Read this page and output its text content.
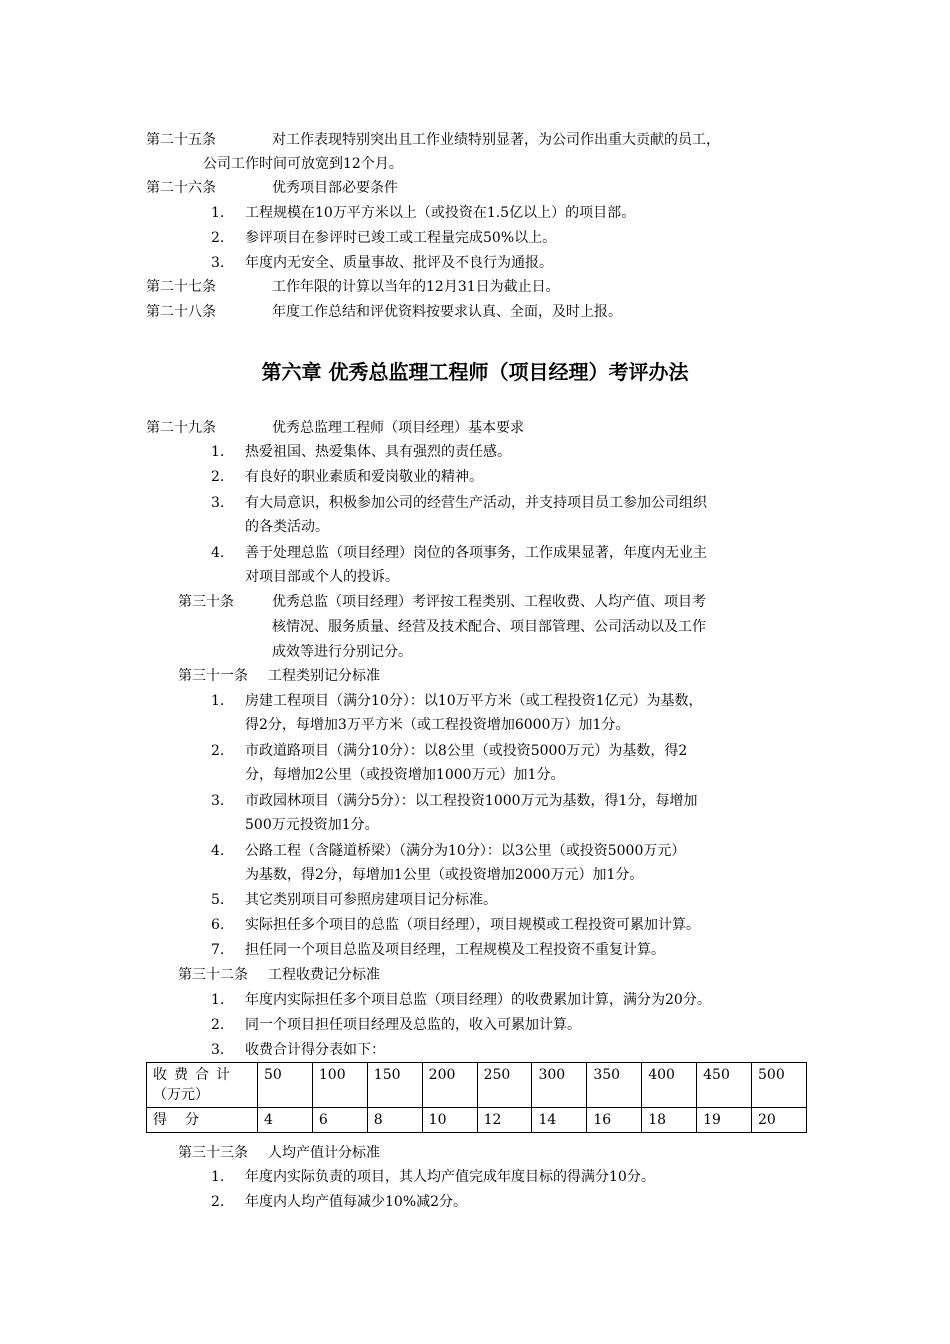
第二十五条	对工作表现特别突出且工作业绩特别显著，为公司作出重大贡献的员工，
公司工作时间可放宽到12个月。
第二十六条	优秀项目部必要条件
1.	工程规模在10万平方米以上（或投资在1.5亿以上）的项目部。
2.	参评项目在参评时已竣工或工程量完成50%以上。
3.	年度内无安全、质量事故、批评及不良行为通报。
第二十七条	工作年限的计算以当年的12月31日为截止日。
第二十八条	年度工作总结和评优资料按要求认真、全面，及时上报。
第六章 优秀总监理工程师（项目经理）考评办法
第二十九条	优秀总监理工程师（项目经理）基本要求
1.	热爱祖国、热爱集体、具有强烈的责任感。
2.	有良好的职业素质和爱岗敬业的精神。
3.	有大局意识，积极参加公司的经营生产活动，并支持项目员工参加公司组织
的各类活动。
4.	善于处理总监（项目经理）岗位的各项事务，工作成果显著，年度内无业主
对项目部或个人的投诉。
第三十条	优秀总监（项目经理）考评按工程类别、工程收费、人均产值、项目考
核情况、服务质量、经营及技术配合、项目部管理、公司活动以及工作
成效等进行分别记分。
第三十一条 工程类别记分标准
1.	房建工程项目（满分10分）：以10万平方米（或工程投资1亿元）为基数，
得2分，每增加3万平方米（或工程投资增加6000万）加1分。
2.	市政道路项目（满分10分）：以8公里（或投资5000万元）为基数，得2
分，每增加2公里（或投资增加1000万元）加1分。
3.	市政园林项目（满分5分）：以工程投资1000万元为基数，得1分，每增加
500万元投资加1分。
4.	公路工程（含隧道桥梁）（满分为10分）：以3公里（或投资5000万元）
为基数，得2分，每增加1公里（或投资增加2000万元）加1分。
5.	其它类别项目可参照房建项目记分标准。
6.	实际担任多个项目的总监（项目经理），项目规模或工程投资可累加计算。
7.	担任同一个项目总监及项目经理，工程规模及工程投资不重复计算。
第三十二条 工程收费记分标准
1.	年度内实际担任多个项目总监（项目经理）的收费累加计算，满分为20分。
2.	同一个项目担任项目经理及总监的，收入可累加计算。
3.	收费合计得分表如下：
收费合计
（万元）	50	100	150	200	250	300	350	400	450	500

得分	4	6	8	10	12	14	16	18	19	20
第三十三条 人均产值计分标准
1.	年度内实际负责的项目，其人均产值完成年度目标的得满分10分。
2.	年度内人均产值每减少10%减2分。
